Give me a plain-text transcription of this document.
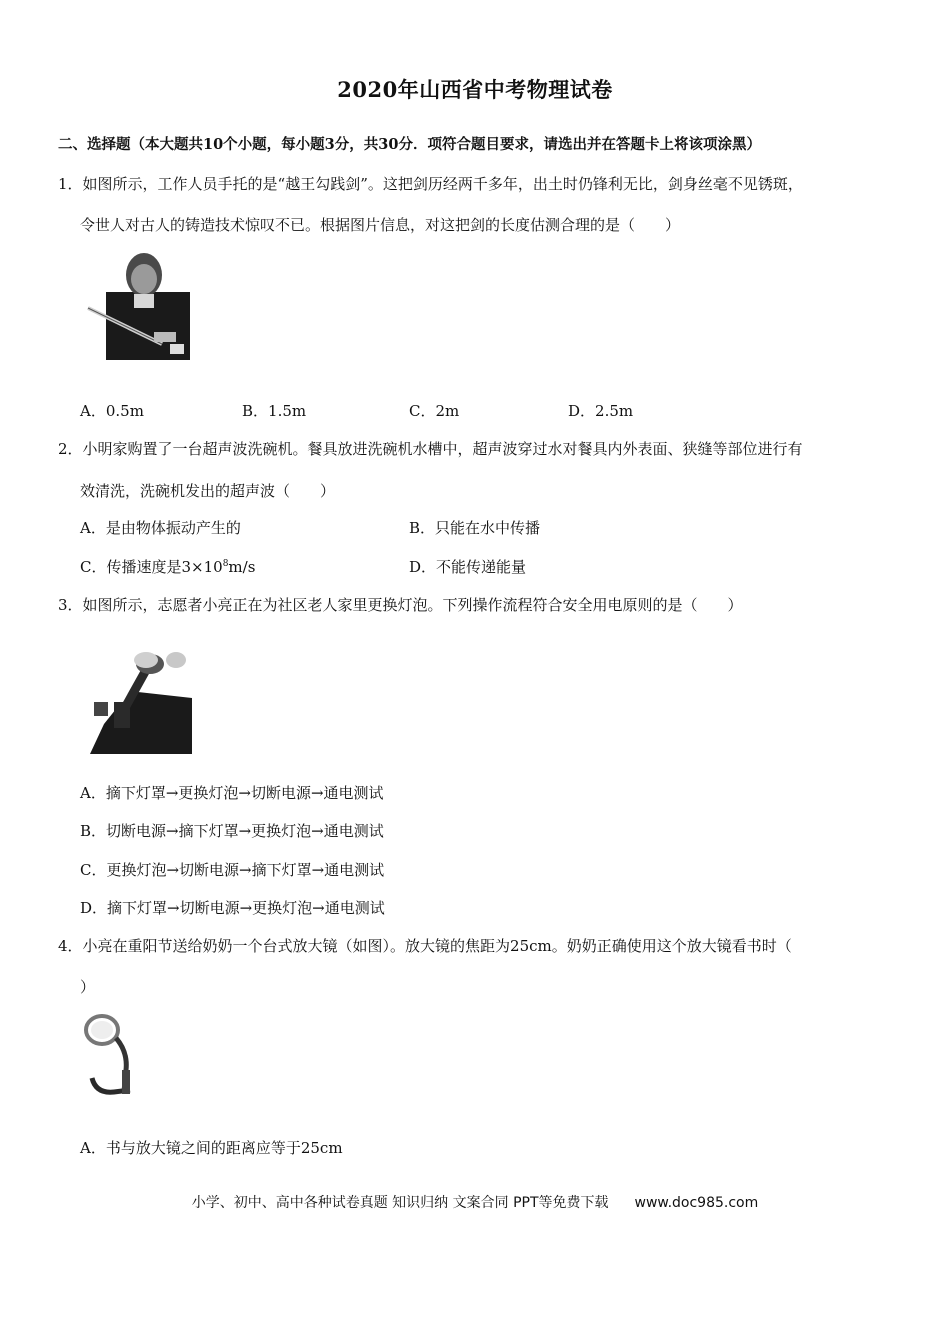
2020年山西省中考物理试卷
二、选择题（本大题共10个小题，每小题3分，共30分．项符合题目要求，请选出并在答题卡上将该项涂黑）
1．如图所示，工作人员手托的是“越王勾践剑”。这把剑历经两千多年，出土时仍锋利无比，剑身丝毫不见锈斑，
令世人对古人的铸造技术惊叹不已。根据图片信息，对这把剑的长度估测合理的是（　　）
A．0.5m	B．1.5m	C．2m	D．2.5m
2．小明家购置了一台超声波洗碗机。餐具放进洗碗机水槽中，超声波穿过水对餐具内外表面、狭缝等部位进行有
效清洗，洗碗机发出的超声波（　　）
A．是由物体振动产生的	B．只能在水中传播
C．传播速度是$3\times 10^8m/s$	D．不能传递能量
3．如图所示，志愿者小亮正在为社区老人家里更换灯泡。下列操作流程符合安全用电原则的是（　　）
A．摘下灯罩→更换灯泡→切断电源→通电测试
B．切断电源→摘下灯罩→更换灯泡→通电测试
C．更换灯泡→切断电源→摘下灯罩→通电测试
D．摘下灯罩→切断电源→更换灯泡→通电测试
4．小亮在重阳节送给奶奶一个台式放大镜（如图）。放大镜的焦距为25cm。奶奶正确使用这个放大镜看书时（
）
A．书与放大镜之间的距离应等于25cm
小学、初中、高中各种试卷真题 知识归纳 文案合同 PPT等免费下载 www.doc985.com
